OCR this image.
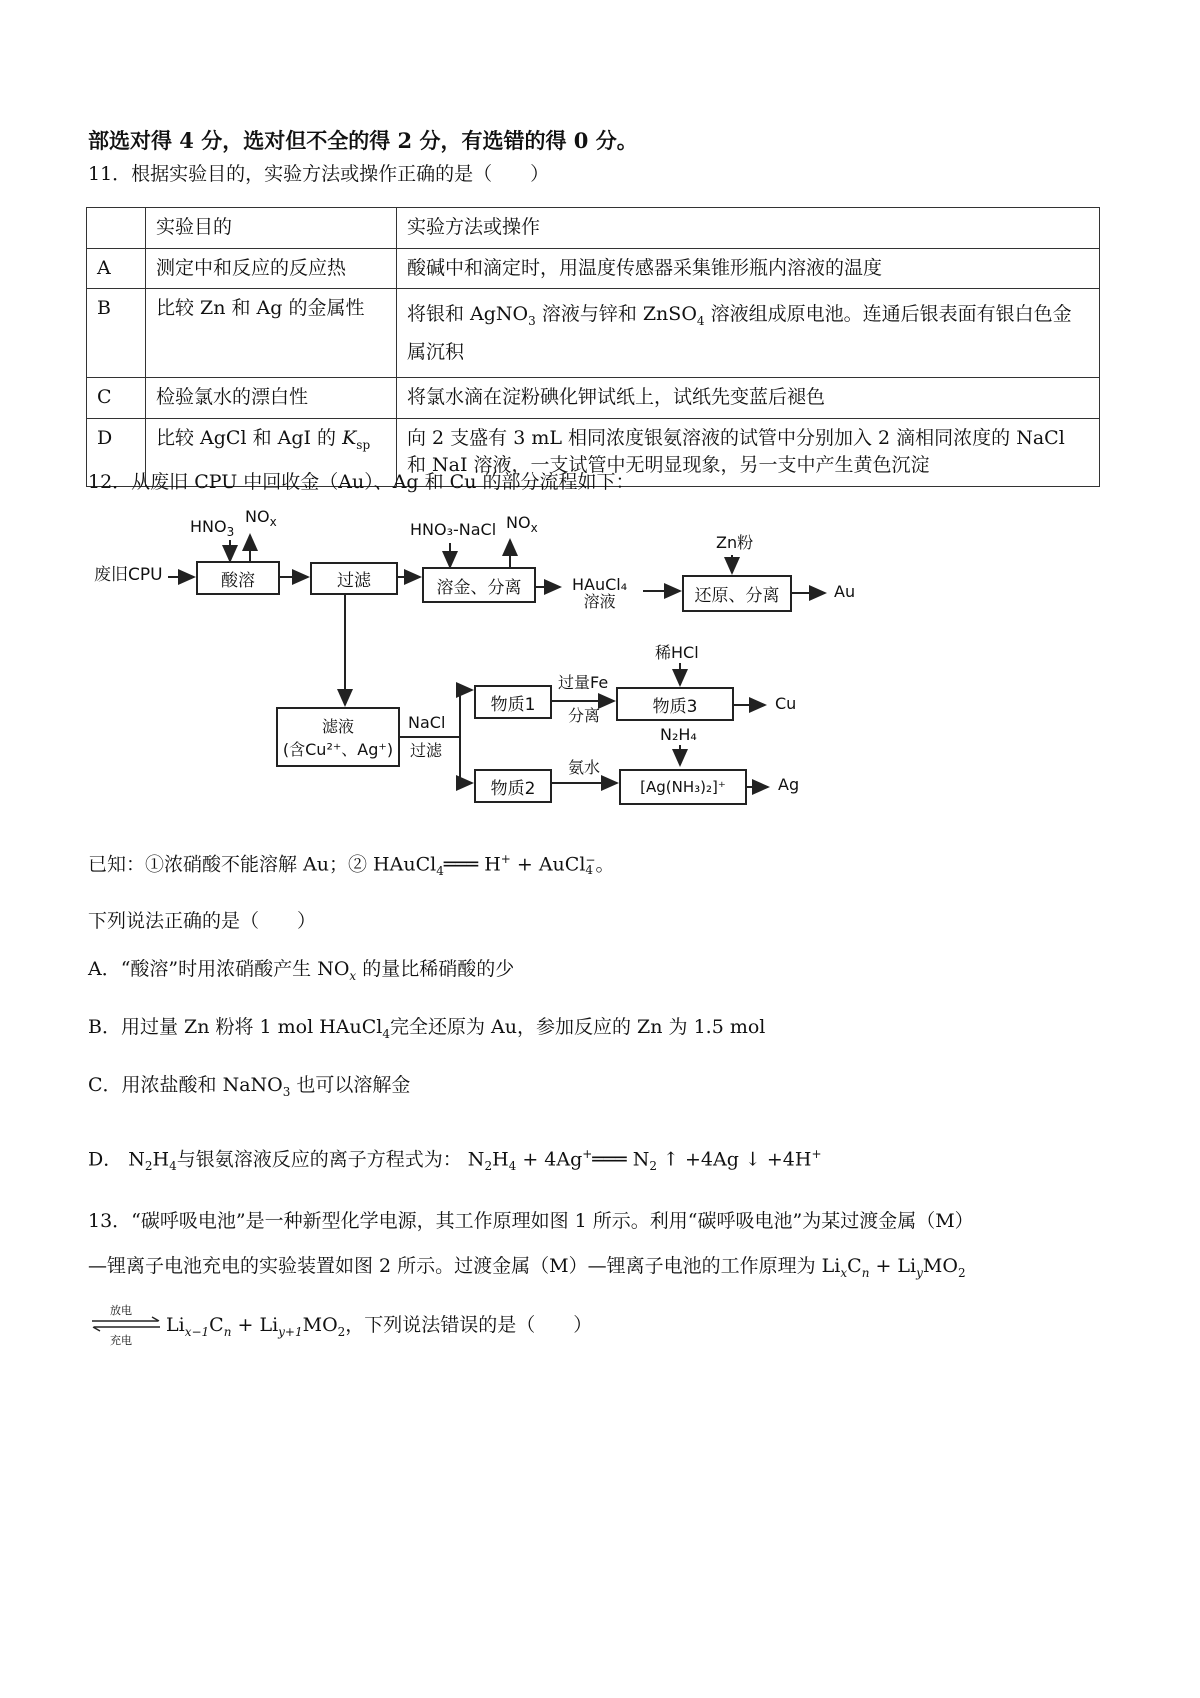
部选对得 4 分，选对但不全的得 2 分，有选错的得 0 分。
11．根据实验目的，实验方法或操作正确的是（　　）
	实验目的	实验方法或操作
A	测定中和反应的反应热	酸碱中和滴定时，用温度传感器采集锥形瓶内溶液的温度
B	比较 Zn 和 Ag 的金属性	将银和 AgNO$_3$ 溶液与锌和 ZnSO$_4$ 溶液组成原电池。连通后银表面有银白色金属沉积
C	检验氯水的漂白性	将氯水滴在淀粉碘化钾试纸上，试纸先变蓝后褪色
D	比较 AgCl 和 AgI 的 $K_{sp}$	向 2 支盛有 3 mL 相同浓度银氨溶液的试管中分别加入 2 滴相同浓度的 NaCl 和 NaI 溶液，一支试管中无明显现象，另一支中产生黄色沉淀
12．从废旧 CPU 中回收金（Au）、Ag 和 Cu 的部分流程如下：
废旧CPU
$HNO_3$
$NO_x$
酸溶	过滤
HNO₃-NaCl $NO_x$
溶金、分离	HAuCl₄
溶液
Zn粉
还原、分离	Au
滤液
(含Cu²⁺、Ag⁺)
NaCl
过滤
物质1
过量Fe
分离
稀HCl
物质3	Cu
物质2
氨水
N₂H₄
[Ag(NH₃)₂]⁺	Ag
已知：①浓硝酸不能溶解 Au；② HAuCl$_4$═══ H+ + AuCl−
4 。
下列说法正确的是（　　）
A．“酸溶”时用浓硝酸产生 $NO_x$ 的量比稀硝酸的少
B．用过量 Zn 粉将 1 mol HAuCl$_4$完全还原为 Au，参加反应的 Zn 为 1.5 mol
C．用浓盐酸和 NaNO$_3$ 也可以溶解金
D． $N_2H_4$与银氨溶液反应的离子方程式为： $N_2H_4$ + 4Ag+═══ $N_2$ ↑ +4Ag ↓ +4H+
13．“碳呼吸电池”是一种新型化学电源，其工作原理如图 1 所示。利用“碳呼吸电池”为某过渡金属（M）
—锂离子电池充电的实验装置如图 2 所示。过渡金属（M）—锂离子电池的工作原理为 $Li_xC_n + Li_yMO_2$
放电
充电
$Li_{x-1}C_n + Li_{y+1}MO_2$，下列说法错误的是（　　）
